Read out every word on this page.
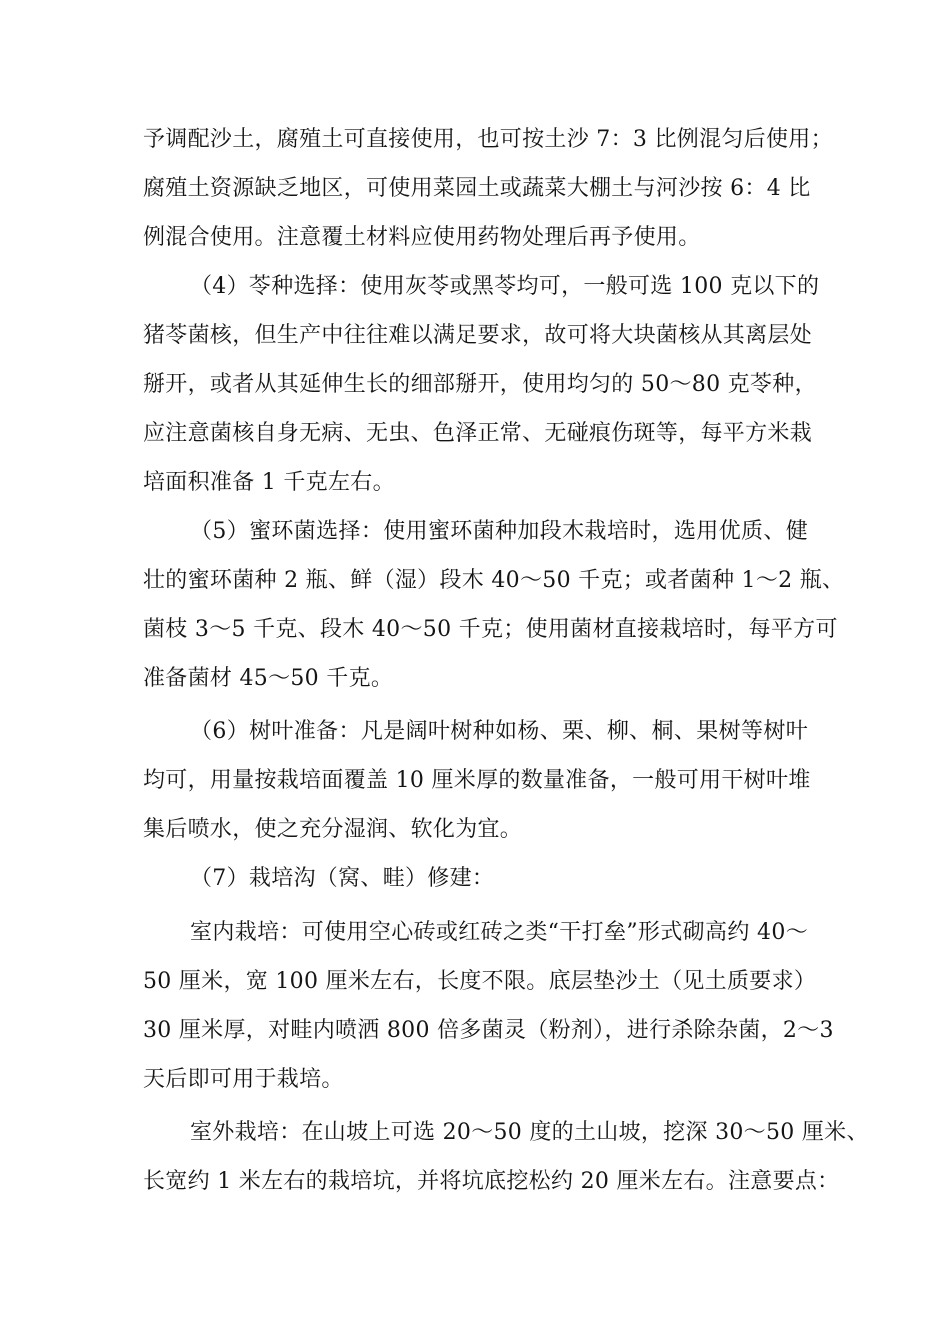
予调配沙土，腐殖土可直接使用，也可按土沙 7：3 比例混匀后使用；
腐殖土资源缺乏地区，可使用菜园土或蔬菜大棚土与河沙按 6：4 比
例混合使用。注意覆土材料应使用药物处理后再予使用。
（4）苓种选择：使用灰苓或黑苓均可，一般可选 100 克以下的
猪苓菌核，但生产中往往难以满足要求，故可将大块菌核从其离层处
掰开，或者从其延伸生长的细部掰开，使用均匀的 50～80 克苓种，
应注意菌核自身无病、无虫、色泽正常、无碰痕伤斑等，每平方米栽
培面积准备 1 千克左右。
（5）蜜环菌选择：使用蜜环菌种加段木栽培时，选用优质、健
壮的蜜环菌种 2 瓶、鲜（湿）段木 40～50 千克；或者菌种 1～2 瓶、
菌枝 3～5 千克、段木 40～50 千克；使用菌材直接栽培时，每平方可
准备菌材 45～50 千克。
（6）树叶准备：凡是阔叶树种如杨、栗、柳、桐、果树等树叶
均可，用量按栽培面覆盖 10 厘米厚的数量准备，一般可用干树叶堆
集后喷水，使之充分湿润、软化为宜。
（7）栽培沟（窝、畦）修建：
室内栽培：可使用空心砖或红砖之类“干打垒”形式砌高约 40～
50 厘米，宽 100 厘米左右，长度不限。底层垫沙土（见土质要求）
30 厘米厚，对畦内喷洒 800 倍多菌灵（粉剂），进行杀除杂菌，2～3
天后即可用于栽培。
室外栽培：在山坡上可选 20～50 度的土山坡，挖深 30～50 厘米、
长宽约 1 米左右的栽培坑，并将坑底挖松约 20 厘米左右。注意要点：
